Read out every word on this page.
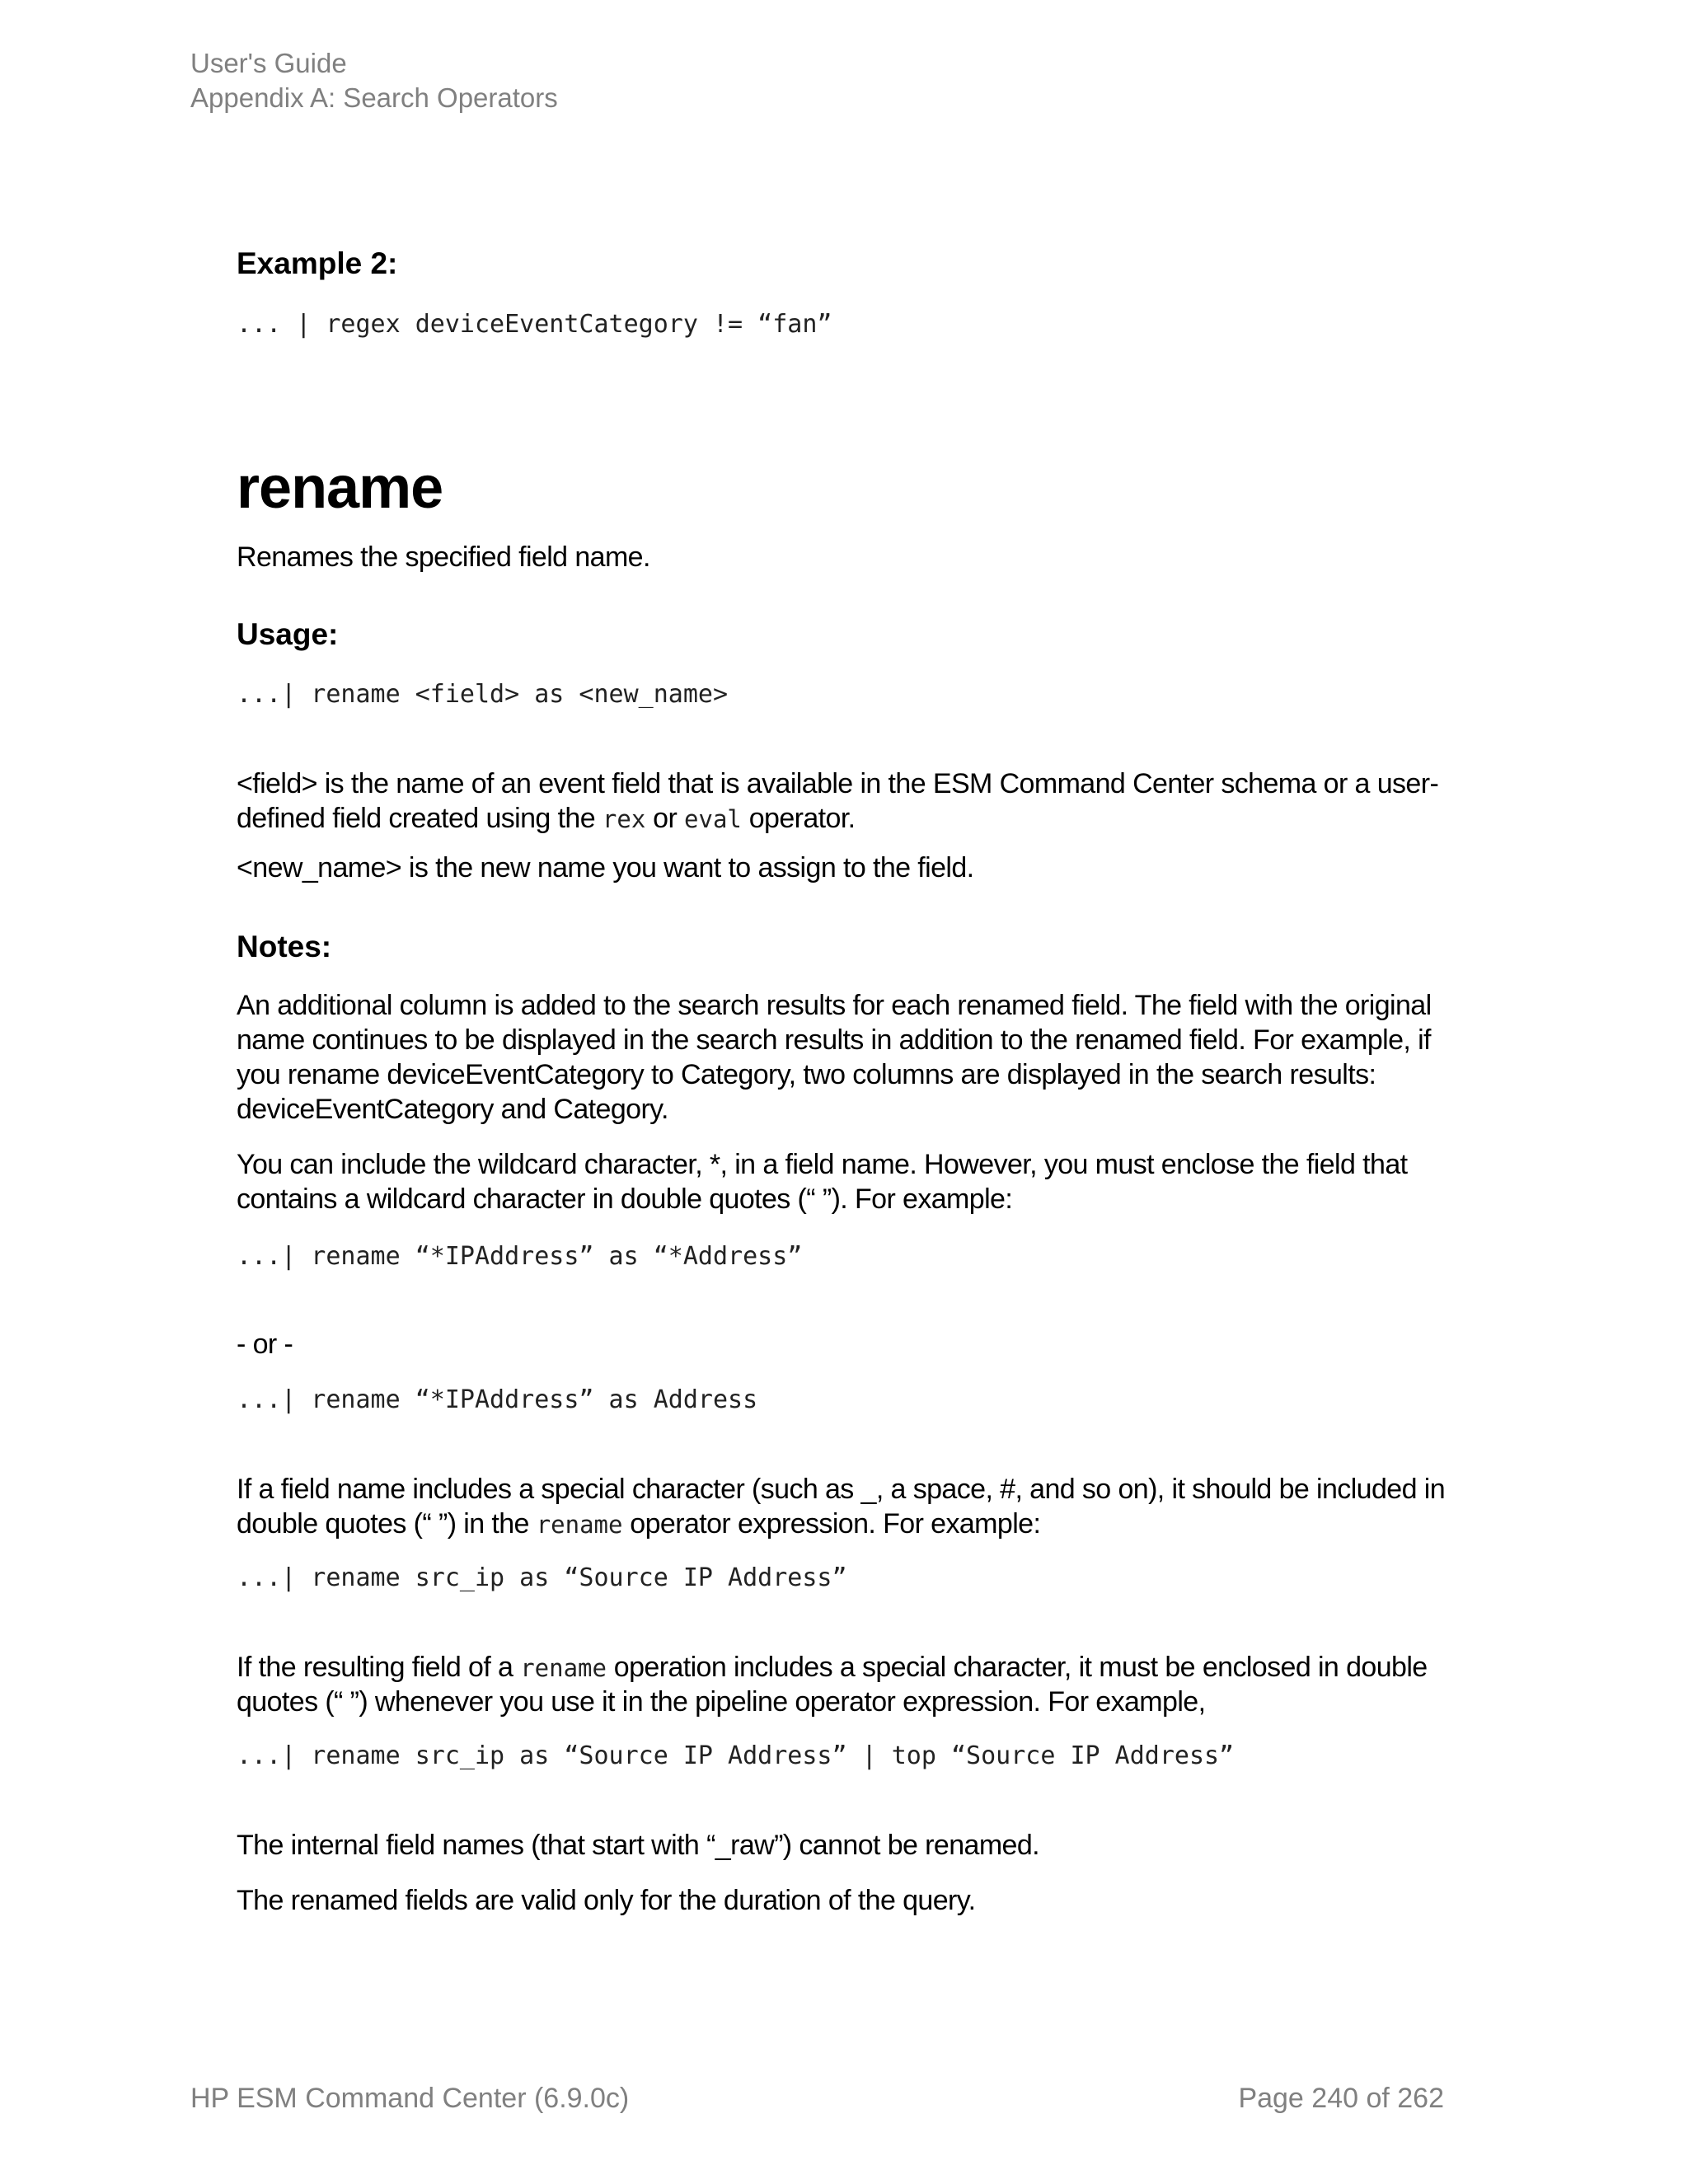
User's Guide
Appendix A: Search Operators
Example 2:
... | regex deviceEventCategory != “fan”
rename
Renames the specified field name.
Usage:
...| rename <field> as <new_name>
<field> is the name of an event field that is available in the ESM Command Center schema or a user-
defined field created using the rex or eval operator.
<new_name> is the new name you want to assign to the field.
Notes:
An additional column is added to the search results for each renamed field. The field with the original
name continues to be displayed in the search results in addition to the renamed field. For example, if
you rename deviceEventCategory to Category, two columns are displayed in the search results:
deviceEventCategory and Category.
You can include the wildcard character, *, in a field name. However, you must enclose the field that
contains a wildcard character in double quotes (“ ”). For example:
...| rename “*IPAddress” as “*Address”
- or -
...| rename “*IPAddress” as Address
If a field name includes a special character (such as _, a space, #, and so on), it should be included in
double quotes (“ ”) in the rename operator expression. For example:
...| rename src_ip as “Source IP Address”
If the resulting field of a rename operation includes a special character, it must be enclosed in double
quotes (“ ”) whenever you use it in the pipeline operator expression. For example,
...| rename src_ip as “Source IP Address” | top “Source IP Address”
The internal field names (that start with “_raw”) cannot be renamed.
The renamed fields are valid only for the duration of the query.
HP ESM Command Center (6.9.0c)	Page 240 of 262
